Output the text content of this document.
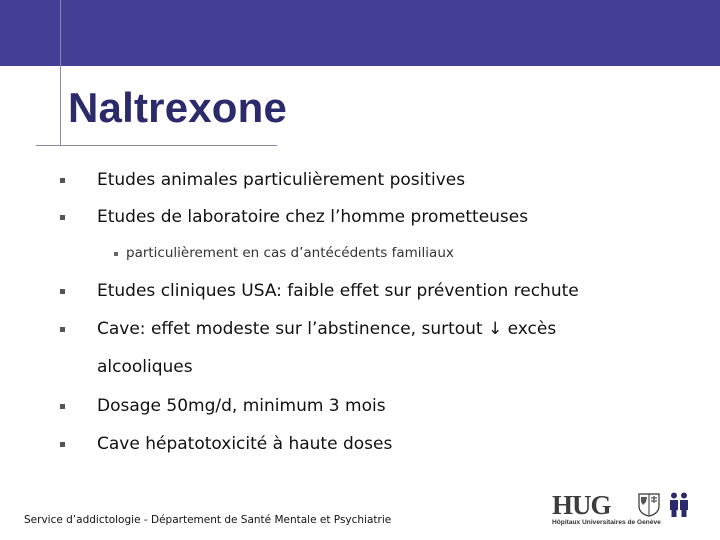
Naltrexone
Etudes animales particulièrement positives
Etudes de laboratoire chez l’homme prometteuses
particulièrement en cas d’antécédents familiaux
Etudes cliniques USA: faible effet sur prévention rechute
Cave: effet modeste sur l’abstinence, surtout ↓ excès
alcooliques
Dosage 50mg/d, minimum 3 mois
Cave hépatotoxicité à haute doses
Service d’addictologie - Département de Santé Mentale et Psychiatrie	HUG
Hôpitaux Universitaires de Genève
